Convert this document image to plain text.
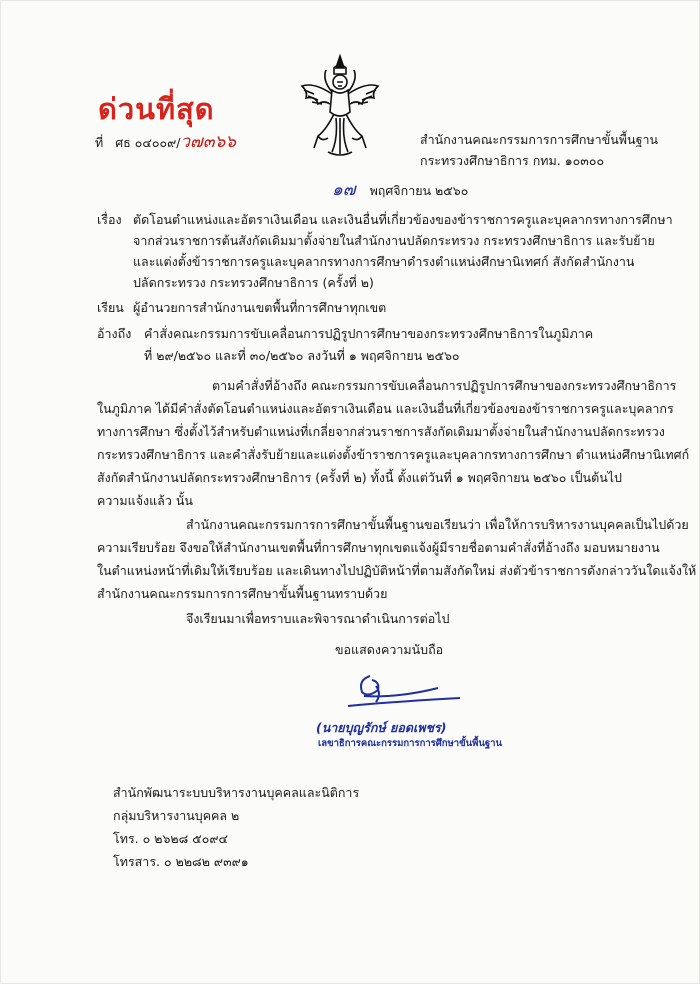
ด่วนที่สุด
ที่ ศธ ๐๔๐๐๙/ว๗๓๖๖	สำนักงานคณะกรรมการการศึกษาขั้นพื้นฐาน
กระทรวงศึกษาธิการ กทม. ๑๐๓๐๐
๑๗ พฤศจิกายน ๒๕๖๐
เรื่อง ตัดโอนตำแหน่งและอัตราเงินเดือน และเงินอื่นที่เกี่ยวข้องของข้าราชการครูและบุคลากรทางการศึกษา
จากส่วนราชการต้นสังกัดเดิมมาตั้งจ่ายในสำนักงานปลัดกระทรวง กระทรวงศึกษาธิการ และรับย้าย
และแต่งตั้งข้าราชการครูและบุคลากรทางการศึกษาดำรงตำแหน่งศึกษานิเทศก์ สังกัดสำนักงาน
ปลัดกระทรวง กระทรวงศึกษาธิการ (ครั้งที่ ๒)
เรียน ผู้อำนวยการสำนักงานเขตพื้นที่การศึกษาทุกเขต
อ้างถึง คำสั่งคณะกรรมการขับเคลื่อนการปฏิรูปการศึกษาของกระทรวงศึกษาธิการในภูมิภาค
ที่ ๒๙/๒๕๖๐ และที่ ๓๐/๒๕๖๐ ลงวันที่ ๑ พฤศจิกายน ๒๕๖๐
ตามคำสั่งที่อ้างถึง คณะกรรมการขับเคลื่อนการปฏิรูปการศึกษาของกระทรวงศึกษาธิการ
ในภูมิภาค ได้มีคำสั่งตัดโอนตำแหน่งและอัตราเงินเดือน และเงินอื่นที่เกี่ยวข้องของข้าราชการครูและบุคลากร
ทางการศึกษา ซึ่งตั้งไว้สำหรับตำแหน่งที่เกลี่ยจากส่วนราชการสังกัดเดิมมาตั้งจ่ายในสำนักงานปลัดกระทรวง
กระทรวงศึกษาธิการ และคำสั่งรับย้ายและแต่งตั้งข้าราชการครูและบุคลากรทางการศึกษา ตำแหน่งศึกษานิเทศก์
สังกัดสำนักงานปลัดกระทรวงศึกษาธิการ (ครั้งที่ ๒) ทั้งนี้ ตั้งแต่วันที่ ๑ พฤศจิกายน ๒๕๖๐ เป็นต้นไป
ความแจ้งแล้ว นั้น
สำนักงานคณะกรรมการการศึกษาขั้นพื้นฐานขอเรียนว่า เพื่อให้การบริหารงานบุคคลเป็นไปด้วย
ความเรียบร้อย จึงขอให้สำนักงานเขตพื้นที่การศึกษาทุกเขตแจ้งผู้มีรายชื่อตามคำสั่งที่อ้างถึง มอบหมายงาน
ในตำแหน่งหน้าที่เดิมให้เรียบร้อย และเดินทางไปปฏิบัติหน้าที่ตามสังกัดใหม่ ส่งตัวข้าราชการดังกล่าววันใดแจ้งให้
สำนักงานคณะกรรมการการศึกษาขั้นพื้นฐานทราบด้วย
จึงเรียนมาเพื่อทราบและพิจารณาดำเนินการต่อไป
ขอแสดงความนับถือ
(นายบุญรักษ์ ยอดเพชร)
เลขาธิการคณะกรรมการการศึกษาขั้นพื้นฐาน
สำนักพัฒนาระบบบริหารงานบุคคลและนิติการ
กลุ่มบริหารงานบุคคล ๒
โทร. ๐ ๒๖๒๘ ๕๐๙๔
โทรสาร. ๐ ๒๒๘๒ ๙๓๙๑
